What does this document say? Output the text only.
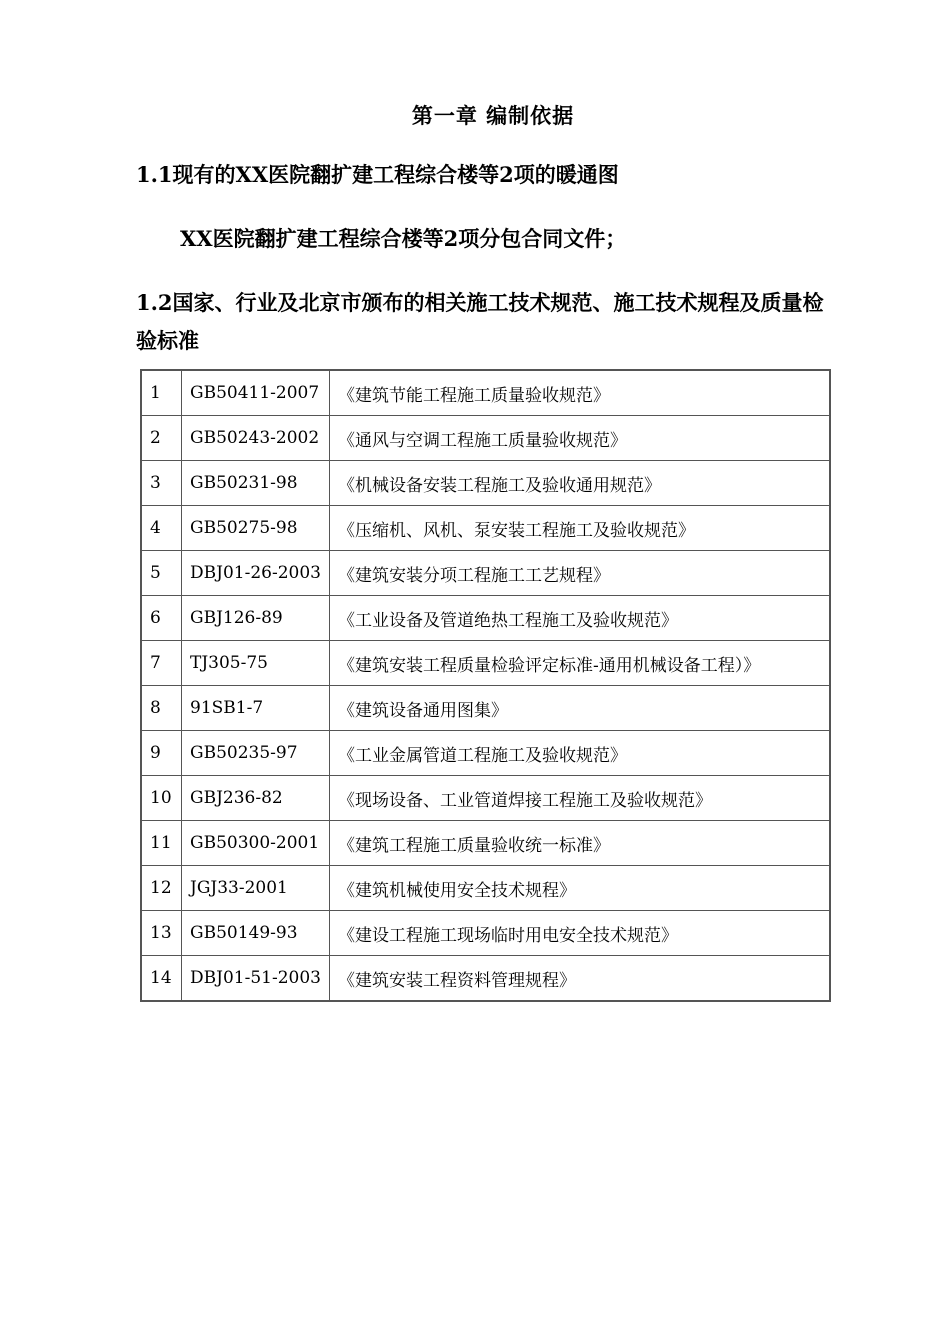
第一章 编制依据
1.1现有的XX医院翻扩建工程综合楼等2项的暖通图
XX医院翻扩建工程综合楼等2项分包合同文件；
1.2国家、行业及北京市颁布的相关施工技术规范、施工技术规程及质量检验标准
1	GB50411-2007	《建筑节能工程施工质量验收规范》
2	GB50243-2002	《通风与空调工程施工质量验收规范》
3	GB50231-98	《机械设备安装工程施工及验收通用规范》
4	GB50275-98	《压缩机、风机、泵安装工程施工及验收规范》
5	DBJ01-26-2003	《建筑安装分项工程施工工艺规程》
6	GBJ126-89	《工业设备及管道绝热工程施工及验收规范》
7	TJ305-75	《建筑安装工程质量检验评定标准-通用机械设备工程）》
8	91SB1-7	《建筑设备通用图集》
9	GB50235-97	《工业金属管道工程施工及验收规范》
10	GBJ236-82	《现场设备、工业管道焊接工程施工及验收规范》
11	GB50300-2001	《建筑工程施工质量验收统一标准》
12	JGJ33-2001	《建筑机械使用安全技术规程》
13	GB50149-93	《建设工程施工现场临时用电安全技术规范》
14	DBJ01-51-2003	《建筑安装工程资料管理规程》
